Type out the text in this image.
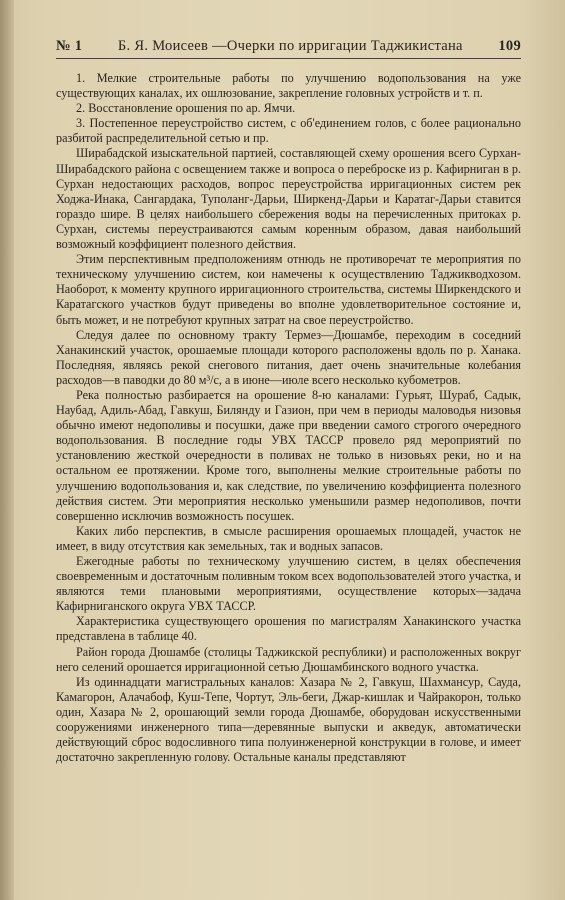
№ 1	Б. Я. Моисеев —Очерки по ирригации Таджикистана	109

1. Мелкие строительные работы по улучшению водопользования на уже существующих каналах, их ошлюзование, закрепление головных устройств и т. п.

2. Восстановление орошения по ар. Ямчи.

3. Постепенное переустройство систем, с об'единением голов, с более рационально разбитой распределительной сетью и пр.

Ширабадской изыскательной партией, составляющей схему орошения всего Сурхан-Ширабадского района с освещением также и вопроса о переброске из р. Кафирниган в р. Сурхан недостающих расходов, вопрос переустройства ирригационных систем рек Ходжа-Инака, Сангардака, Туполанг-Дарьи, Ширкенд-Дарьи и Каратаг-Дарьи ставится гораздо шире. В целях наибольшего сбережения воды на перечисленных притоках р. Сурхан, системы переустраиваются самым коренным образом, давая наибольший возможный коэффициент полезного действия.

Этим перспективным предположениям отнюдь не противоречат те мероприятия по техническому улучшению систем, кои намечены к осуществлению Таджикводхозом. Наоборот, к моменту крупного ирригационного строительства, системы Ширкендского и Каратагского участков будут приведены во вполне удовлетворительное состояние и, быть может, и не потребуют крупных затрат на свое переустройство.

Следуя далее по основному тракту Термез—Дюшамбе, переходим в соседний Ханакинский участок, орошаемые площади которого расположены вдоль по р. Ханака. Последняя, являясь рекой снегового питания, дает очень значительные колебания расходов—в паводки до 80 м³/с, а в июне—июле всего несколько кубометров.

Река полностью разбирается на орошение 8-ю каналами: Гурьят, Шураб, Садык, Наубад, Адиль-Абад, Гавкуш, Билянду и Газион, при чем в периоды маловодья низовья обычно имеют недополивы и посушки, даже при введении самого строгого очередного водопользования. В последние годы УВХ ТАССР провело ряд мероприятий по установлению жесткой очередности в поливах не только в низовьях реки, но и на остальном ее протяжении. Кроме того, выполнены мелкие строительные работы по улучшению водопользования и, как следствие, по увеличению коэффициента полезного действия систем. Эти мероприятия несколько уменьшили размер недополивов, почти совершенно исключив возможность посушек.

Каких либо перспектив, в смысле расширения орошаемых площадей, участок не имеет, в виду отсутствия как земельных, так и водных запасов.

Ежегодные работы по техническому улучшению систем, в целях обеспечения своевременным и достаточным поливным током всех водопользователей этого участка, и являются теми плановыми мероприятиями, осуществление которых—задача Кафирниганского округа УВХ ТАССР.

Характеристика существующего орошения по магистралям Ханакинского участка представлена в таблице 40.

Район города Дюшамбе (столицы Таджикской республики) и расположенных вокруг него селений орошается ирригационной сетью Дюшамбинского водного участка.

Из одиннадцати магистральных каналов: Хазара № 2, Гавкуш, Шахмансур, Сауда, Камагорон, Алачабоф, Куш-Тепе, Чортут, Эль-беги, Джар-кишлак и Чайракорон, только один, Хазара № 2, орошающий земли города Дюшамбе, оборудован искусственными сооружениями инженерного типа—деревянные выпуски и акведук, автоматически действующий сброс водосливного типа полуинженерной конструкции в голове, и имеет достаточно закрепленную голову. Остальные каналы представляют
